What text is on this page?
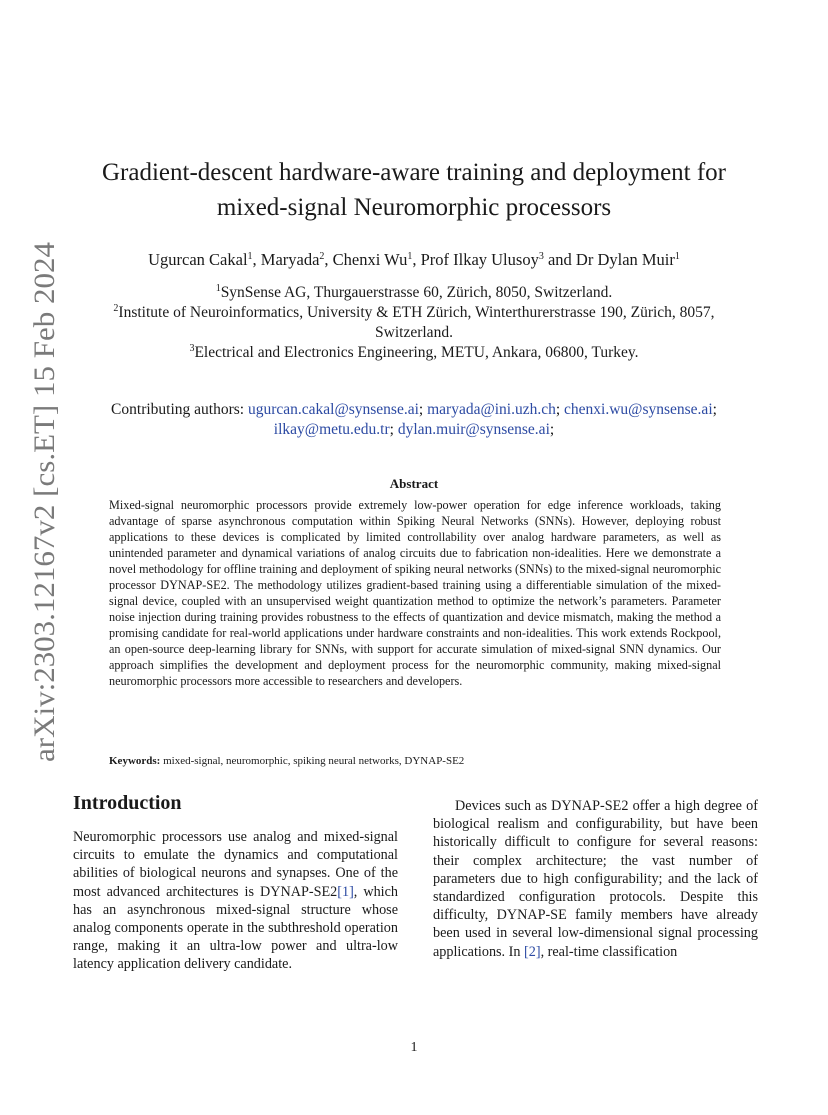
arXiv:2303.12167v2 [cs.ET] 15 Feb 2024
Gradient-descent hardware-aware training and deployment for
mixed-signal Neuromorphic processors
Ugurcan Cakal$^1$, Maryada$^2$, Chenxi Wu$^1$, Prof Ilkay Ulusoy$^3$ and Dr Dylan Muir$^1$
$^1$SynSense AG, Thurgauerstrasse 60, Zürich, 8050, Switzerland.
$^2$Institute of Neuroinformatics, University & ETH Zürich, Winterthurerstrasse 190, Zürich, 8057, Switzerland.
$^3$Electrical and Electronics Engineering, METU, Ankara, 06800, Turkey.
Contributing authors: ugurcan.cakal@synsense.ai; maryada@ini.uzh.ch; chenxi.wu@synsense.ai;
ilkay@metu.edu.tr; dylan.muir@synsense.ai;
Abstract
Mixed-signal neuromorphic processors provide extremely low-power operation for edge inference workloads, taking advantage of sparse asynchronous computation within Spiking Neural Networks (SNNs). However, deploying robust applications to these devices is complicated by limited controllability over analog hardware parameters, as well as unintended parameter and dynamical variations of analog circuits due to fabrication non-idealities. Here we demonstrate a novel methodology for offline training and deployment of spiking neural networks (SNNs) to the mixed-signal neuromorphic processor DYNAP-SE2. The methodology utilizes gradient-based training using a differentiable simulation of the mixed-signal device, coupled with an unsupervised weight quantization method to optimize the network’s parameters. Parameter noise injection during training provides robustness to the effects of quantization and device mismatch, making the method a promising candidate for real-world applications under hardware constraints and non-idealities. This work extends Rockpool, an open-source deep-learning library for SNNs, with support for accurate simulation of mixed-signal SNN dynamics. Our approach simplifies the development and deployment process for the neuromorphic community, making mixed-signal neuromorphic processors more accessible to researchers and developers.
Keywords: mixed-signal, neuromorphic, spiking neural networks, DYNAP-SE2
Introduction
Neuromorphic processors use analog and mixed-signal circuits to emulate the dynamics and computational abilities of biological neurons and synapses. One of the most advanced architectures is DYNAP-SE2[1], which has an asynchronous mixed-signal structure whose analog components operate in the subthreshold operation range, making it an ultra-low power and ultra-low latency application delivery candidate.
Devices such as DYNAP-SE2 offer a high degree of biological realism and configurability, but have been historically difficult to configure for several reasons: their complex architecture; the vast number of parameters due to high configurability; and the lack of standardized configuration protocols. Despite this difficulty, DYNAP-SE family members have already been used in several low-dimensional signal processing applications. In [2], real-time classification
1
